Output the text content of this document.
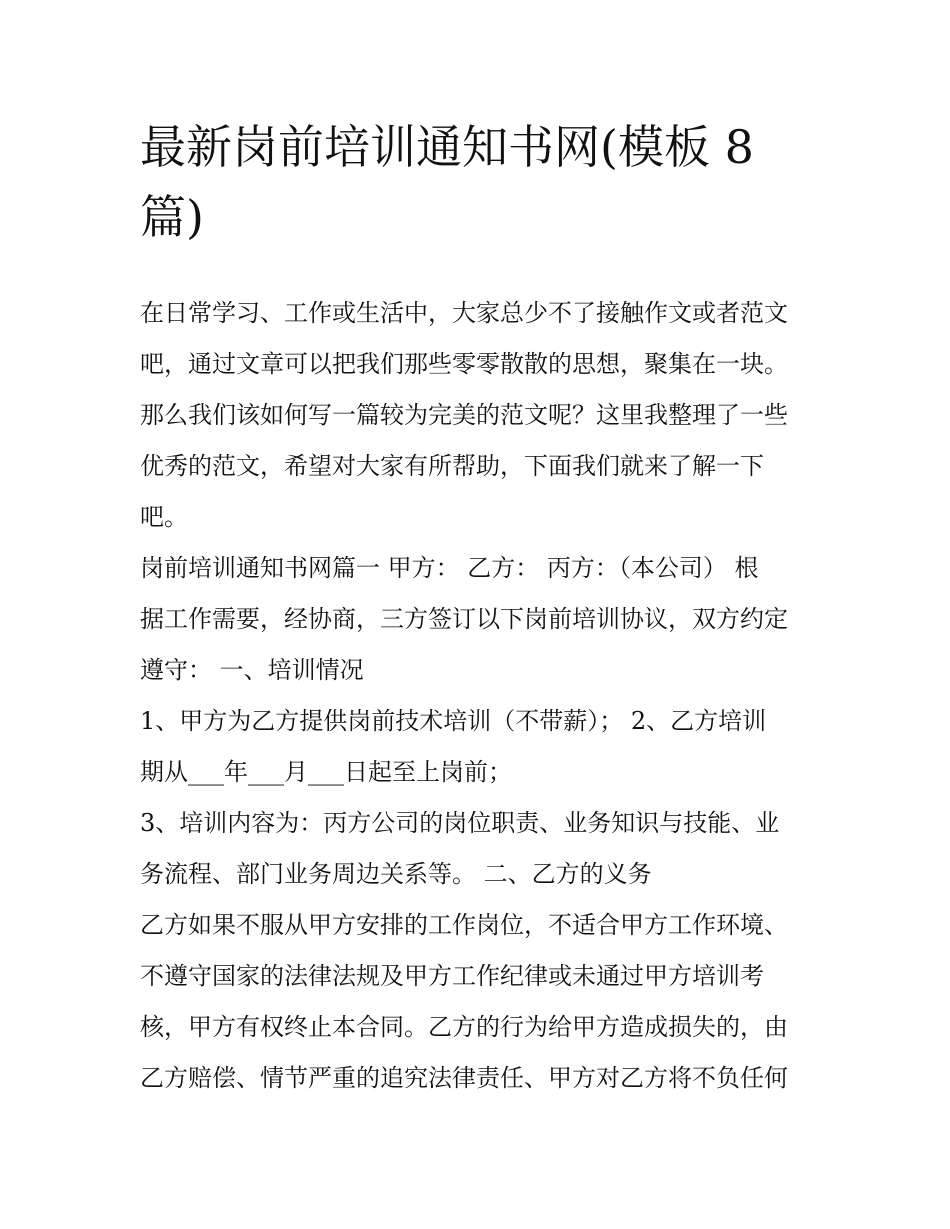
最新岗前培训通知书网(模板 8
篇)
在日常学习、工作或生活中，大家总少不了接触作文或者范文
吧，通过文章可以把我们那些零零散散的思想，聚集在一块。
那么我们该如何写一篇较为完美的范文呢？这里我整理了一些
优秀的范文，希望对大家有所帮助，下面我们就来了解一下
吧。
岗前培训通知书网篇一 甲方： 乙方： 丙方：（本公司） 根
据工作需要，经协商，三方签订以下岗前培训协议，双方约定
遵守： 一、培训情况
1、甲方为乙方提供岗前技术培训（不带薪）； 2、乙方培训
期从___年___月___日起至上岗前；
3、培训内容为：丙方公司的岗位职责、业务知识与技能、业
务流程、部门业务周边关系等。 二、乙方的义务
乙方如果不服从甲方安排的工作岗位，不适合甲方工作环境、
不遵守国家的法律法规及甲方工作纪律或未通过甲方培训考
核，甲方有权终止本合同。乙方的行为给甲方造成损失的，由
乙方赔偿、情节严重的追究法律责任、甲方对乙方将不负任何
